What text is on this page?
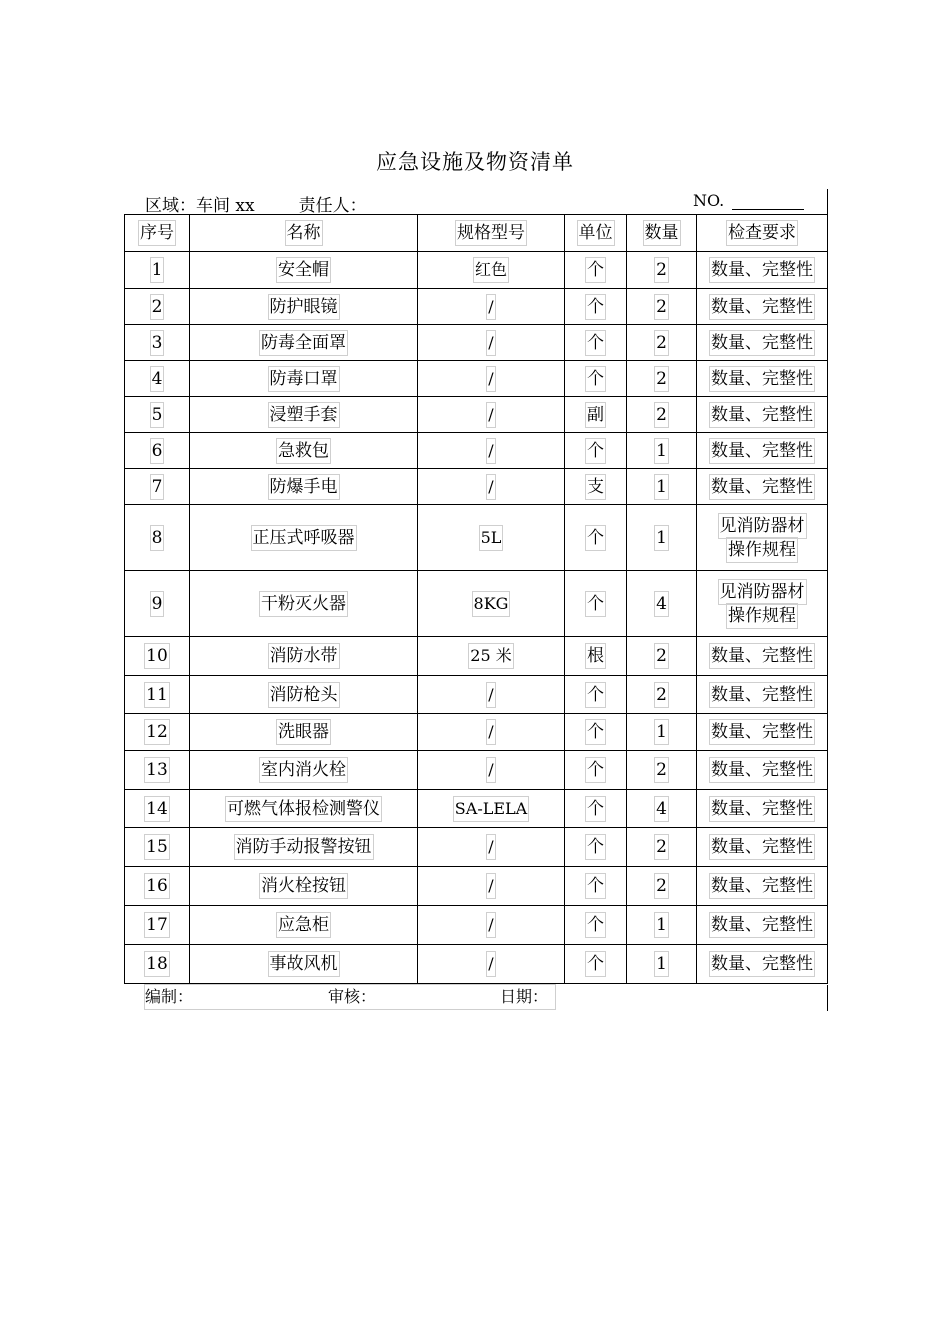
应急设施及物资清单
区域：车间 xx	责任人：	NO.
序号	名称	规格型号	单位	数量	检查要求
1	安全帽	红色	个	2	数量、完整性
2	防护眼镜	/	个	2	数量、完整性
3	防毒全面罩	/	个	2	数量、完整性
4	防毒口罩	/	个	2	数量、完整性
5	浸塑手套	/	副	2	数量、完整性
6	急救包	/	个	1	数量、完整性
7	防爆手电	/	支	1	数量、完整性
8	正压式呼吸器	5L	个	1	见消防器材
操作规程
9	干粉灭火器	8KG	个	4	见消防器材
操作规程
10	消防水带	25 米	根	2	数量、完整性
11	消防枪头	/	个	2	数量、完整性
12	洗眼器	/	个	1	数量、完整性
13	室内消火栓	/	个	2	数量、完整性
14	可燃气体报检测警仪	SA-LELA	个	4	数量、完整性
15	消防手动报警按钮	/	个	2	数量、完整性
16	消火栓按钮	/	个	2	数量、完整性
17	应急柜	/	个	1	数量、完整性
18	事故风机	/	个	1	数量、完整性
编制：	审核：	日期：
